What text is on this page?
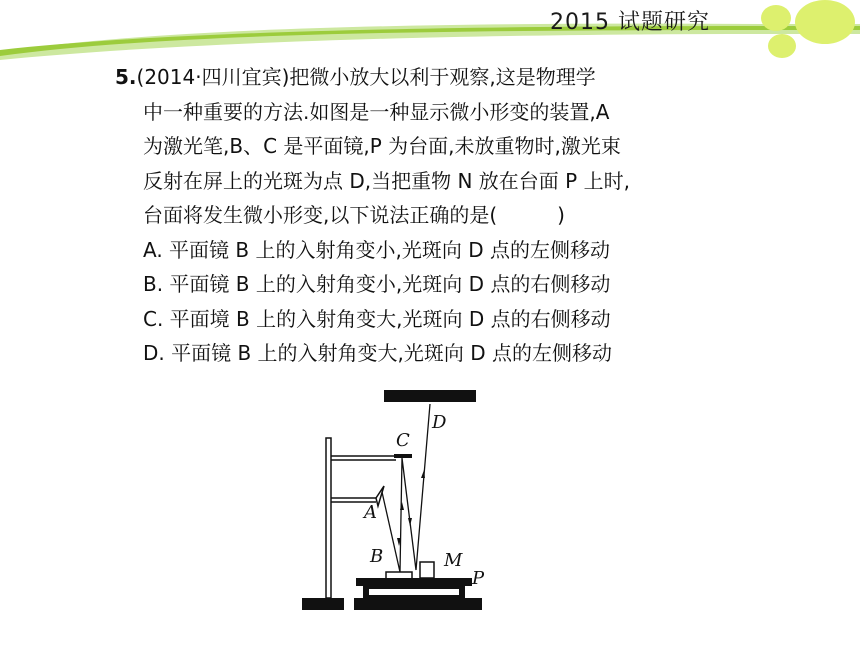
2015 试题研究
5.(2014·四川宜宾)把微小放大以利于观察,这是物理学
中一种重要的方法.如图是一种显示微小形变的装置,A
为激光笔,B、C 是平面镜,P 为台面,未放重物时,激光束
反射在屏上的光斑为点 D,当把重物 N 放在台面 P 上时,
台面将发生微小形变,以下说法正确的是(　　　)
A. 平面镜 B 上的入射角变小,光斑向 D 点的左侧移动
B. 平面镜 B 上的入射角变小,光斑向 D 点的右侧移动
C. 平面境 B 上的入射角变大,光斑向 D 点的右侧移动
D. 平面镜 B 上的入射角变大,光斑向 D 点的左侧移动
D
C
A
B	M
P
